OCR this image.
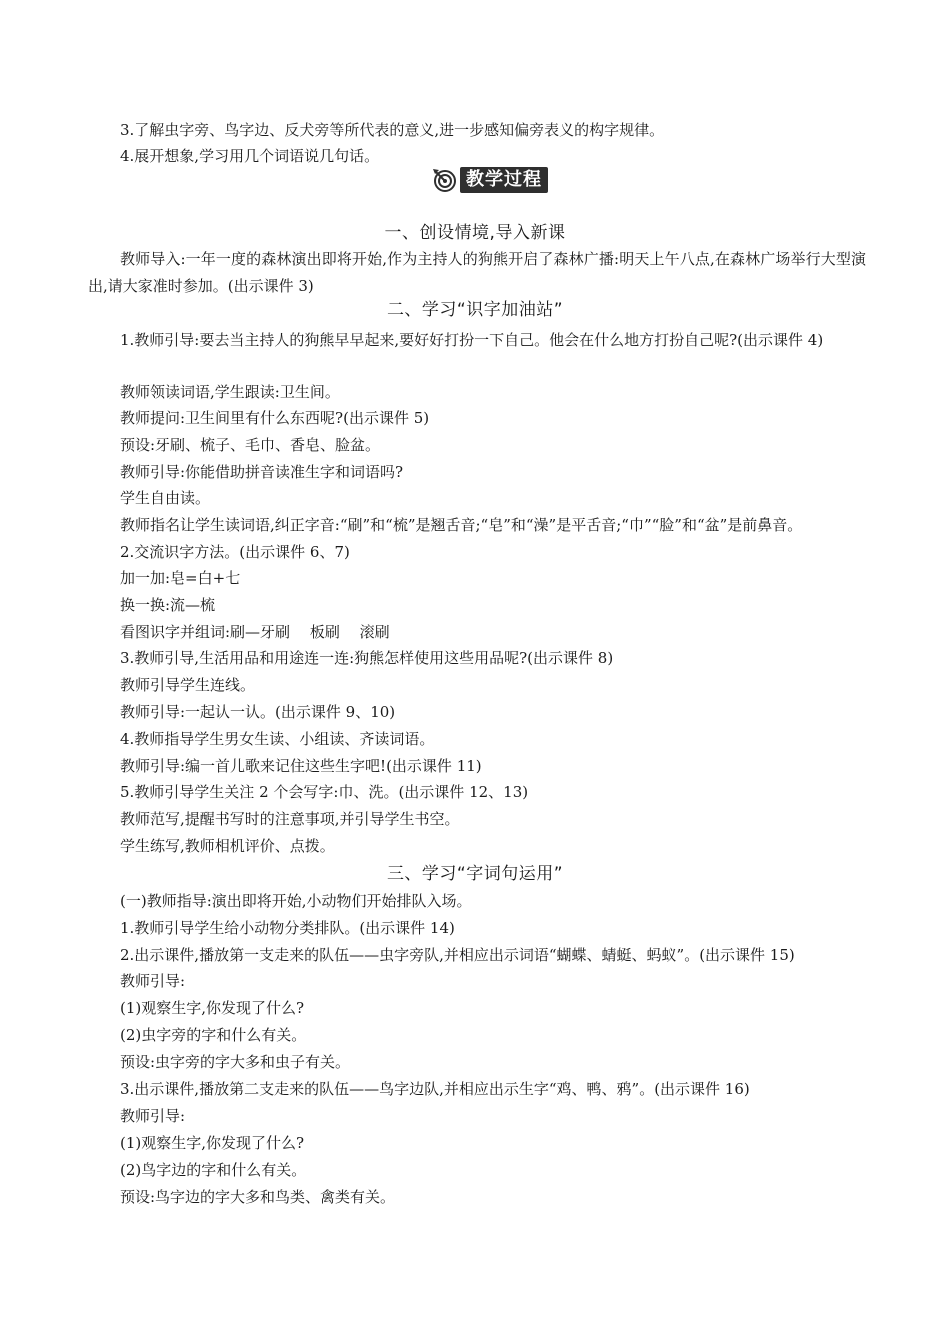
3.了解虫字旁、鸟字边、反犬旁等所代表的意义,进一步感知偏旁表义的构字规律。
4.展开想象,学习用几个词语说几句话。
教学过程
一、创设情境,导入新课
教师导入:一年一度的森林演出即将开始,作为主持人的狗熊开启了森林广播:明天上午八点,在森林广场举行大型演出,请大家准时参加。(出示课件 3)
二、学习“识字加油站”
1.教师引导:要去当主持人的狗熊早早起来,要好好打扮一下自己。他会在什么地方打扮自己呢?(出示课件 4)
教师领读词语,学生跟读:卫生间。
教师提问:卫生间里有什么东西呢?(出示课件 5)
预设:牙刷、梳子、毛巾、香皂、脸盆。
教师引导:你能借助拼音读准生字和词语吗?
学生自由读。
教师指名让学生读词语,纠正字音:“刷”和“梳”是翘舌音;“皂”和“澡”是平舌音;“巾”“脸”和“盆”是前鼻音。
2.交流识字方法。(出示课件 6、7)
加一加:皂=白+七
换一换:流—梳
看图识字并组词:刷—牙刷　 板刷　 滚刷
3.教师引导,生活用品和用途连一连:狗熊怎样使用这些用品呢?(出示课件 8)
教师引导学生连线。
教师引导:一起认一认。(出示课件 9、10)
4.教师指导学生男女生读、小组读、齐读词语。
教师引导:编一首儿歌来记住这些生字吧!(出示课件 11)
5.教师引导学生关注 2 个会写字:巾、洗。(出示课件 12、13)
教师范写,提醒书写时的注意事项,并引导学生书空。
学生练写,教师相机评价、点拨。
三、学习“字词句运用”
(一)教师指导:演出即将开始,小动物们开始排队入场。
1.教师引导学生给小动物分类排队。(出示课件 14)
2.出示课件,播放第一支走来的队伍——虫字旁队,并相应出示词语“蝴蝶、蜻蜓、蚂蚁”。(出示课件 15)
教师引导:
(1)观察生字,你发现了什么?
(2)虫字旁的字和什么有关。
预设:虫字旁的字大多和虫子有关。
3.出示课件,播放第二支走来的队伍——鸟字边队,并相应出示生字“鸡、鸭、鸦”。(出示课件 16)
教师引导:
(1)观察生字,你发现了什么?
(2)鸟字边的字和什么有关。
预设:鸟字边的字大多和鸟类、禽类有关。
